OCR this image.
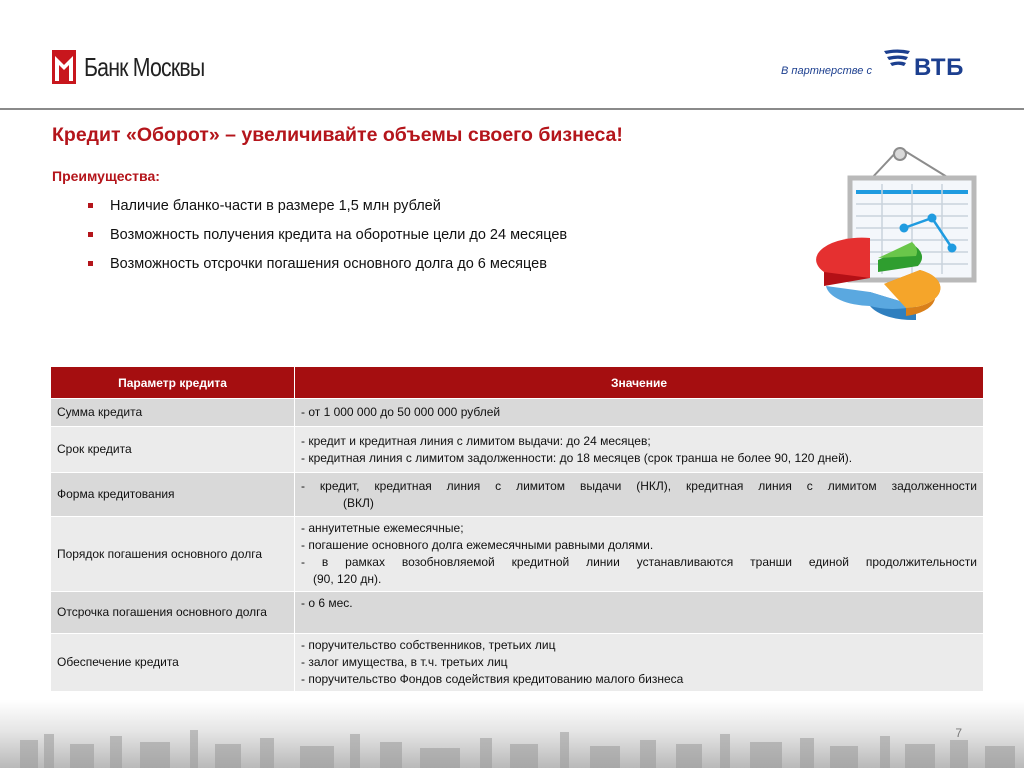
Банк Москвы	В партнерстве с ВТБ
Кредит «Оборот» – увеличивайте объемы своего бизнеса!
Преимущества:
Наличие бланко-части в размере 1,5 млн рублей
Возможность получения кредита на оборотные цели до 24 месяцев
Возможность отсрочки погашения основного долга до 6 месяцев
Параметр кредита	Значение
Сумма кредита	- от 1 000 000 до 50 000 000 рублей

Срок кредита	- кредит и кредитная линия с лимитом выдачи: до 24 месяцев;
- кредитная линия с лимитом задолженности: до 18 месяцев (срок транша не более 90, 120 дней).

Форма кредитования	- кредит, кредитная линия с лимитом выдачи (НКЛ), кредитная линия с лимитом задолженности
(ВКЛ)

Порядок погашения основного долга	- аннуитетные ежемесячные;
- погашение основного долга ежемесячными равными долями.
- в рамках возобновляемой кредитной линии устанавливаются транши единой продолжительности
(90, 120 дн).

Отсрочка погашения основного долга	- о 6 мес.

Обеспечение кредита	- поручительство собственников, третьих лиц
- залог имущества, в т.ч. третьих лиц
- поручительство Фондов содействия кредитованию малого бизнеса
7
